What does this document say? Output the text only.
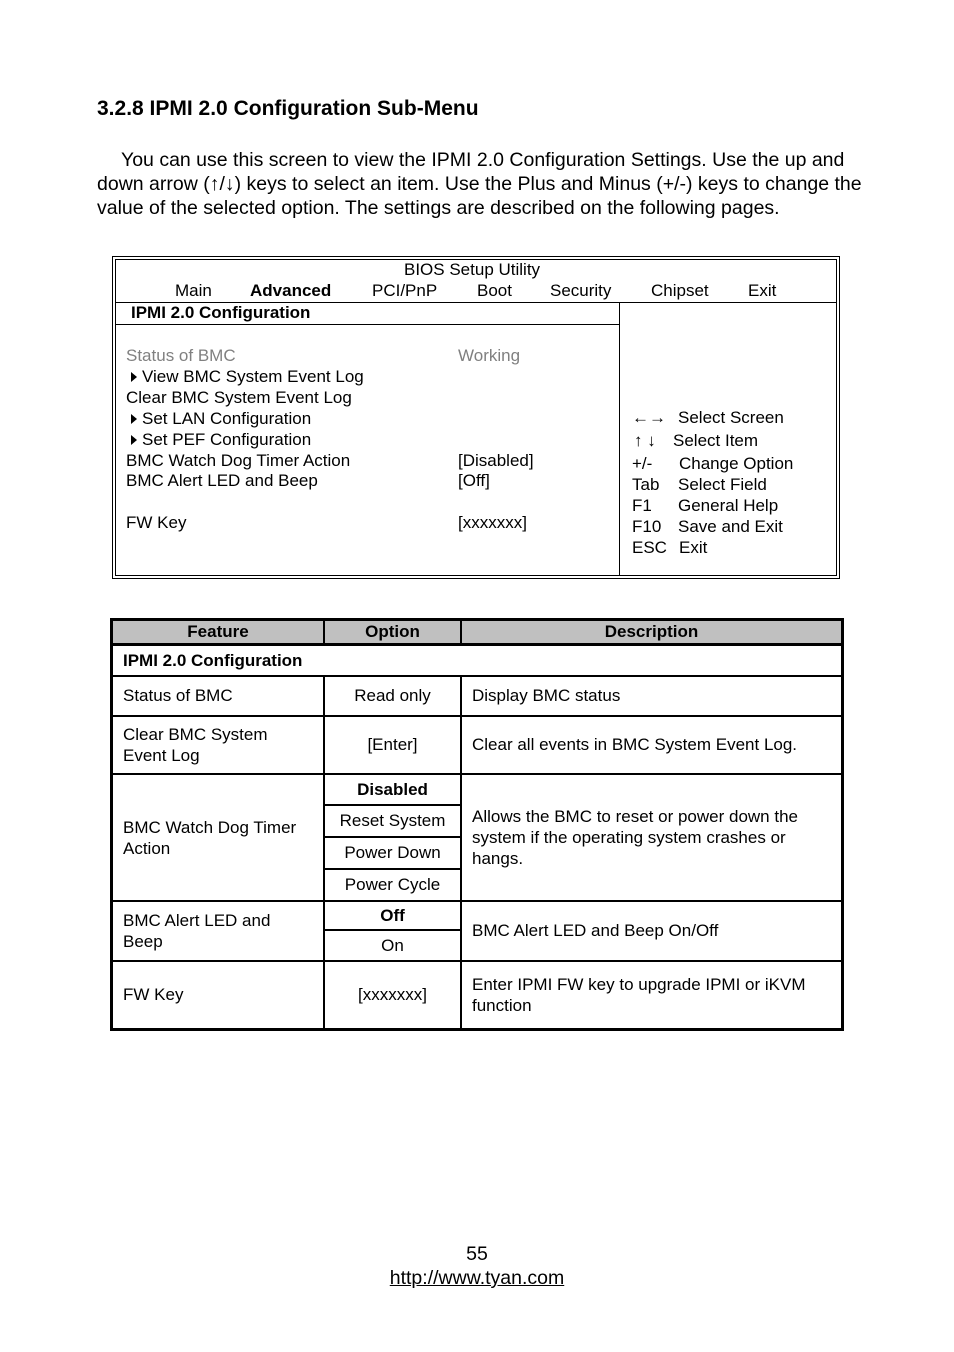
3.2.8 IPMI 2.0 Configuration Sub-Menu

You can use this screen to view the IPMI 2.0 Configuration Settings. Use the up and down arrow (↑/↓) keys to select an item. Use the Plus and Minus (+/-) keys to change the value of the selected option. The settings are described on the following pages.

BIOS Setup Utility
Main Advanced PCI/PnP Boot Security Chipset Exit
IPMI 2.0 Configuration
Status of BMC	Working
View BMC System Event Log
Clear BMC System Event Log
Set LAN Configuration
Set PEF Configuration
BMC Watch Dog Timer Action	[Disabled]
BMC Alert LED and Beep	[Off]
FW Key	[xxxxxxx]
←→ Select Screen
↑ ↓ Select Item
+/- Change Option
Tab Select Field
F1 General Help
F10 Save and Exit
ESC Exit
Feature	Option	Description
IPMI 2.0 Configuration		
Status of BMC	Read only	Display BMC status
Clear BMC System Event Log	[Enter]	Clear all events in BMC System Event Log.
BMC Watch Dog Timer Action	Disabled	Allows the BMC to reset or power down the system if the operating system crashes or hangs.
	Reset System	
	Power Down	
	Power Cycle	
BMC Alert LED and Beep	Off	BMC Alert LED and Beep On/Off
	On	
FW Key	[xxxxxxx]	Enter IPMI FW key to upgrade IPMI or iKVM function
55
http://www.tyan.com
